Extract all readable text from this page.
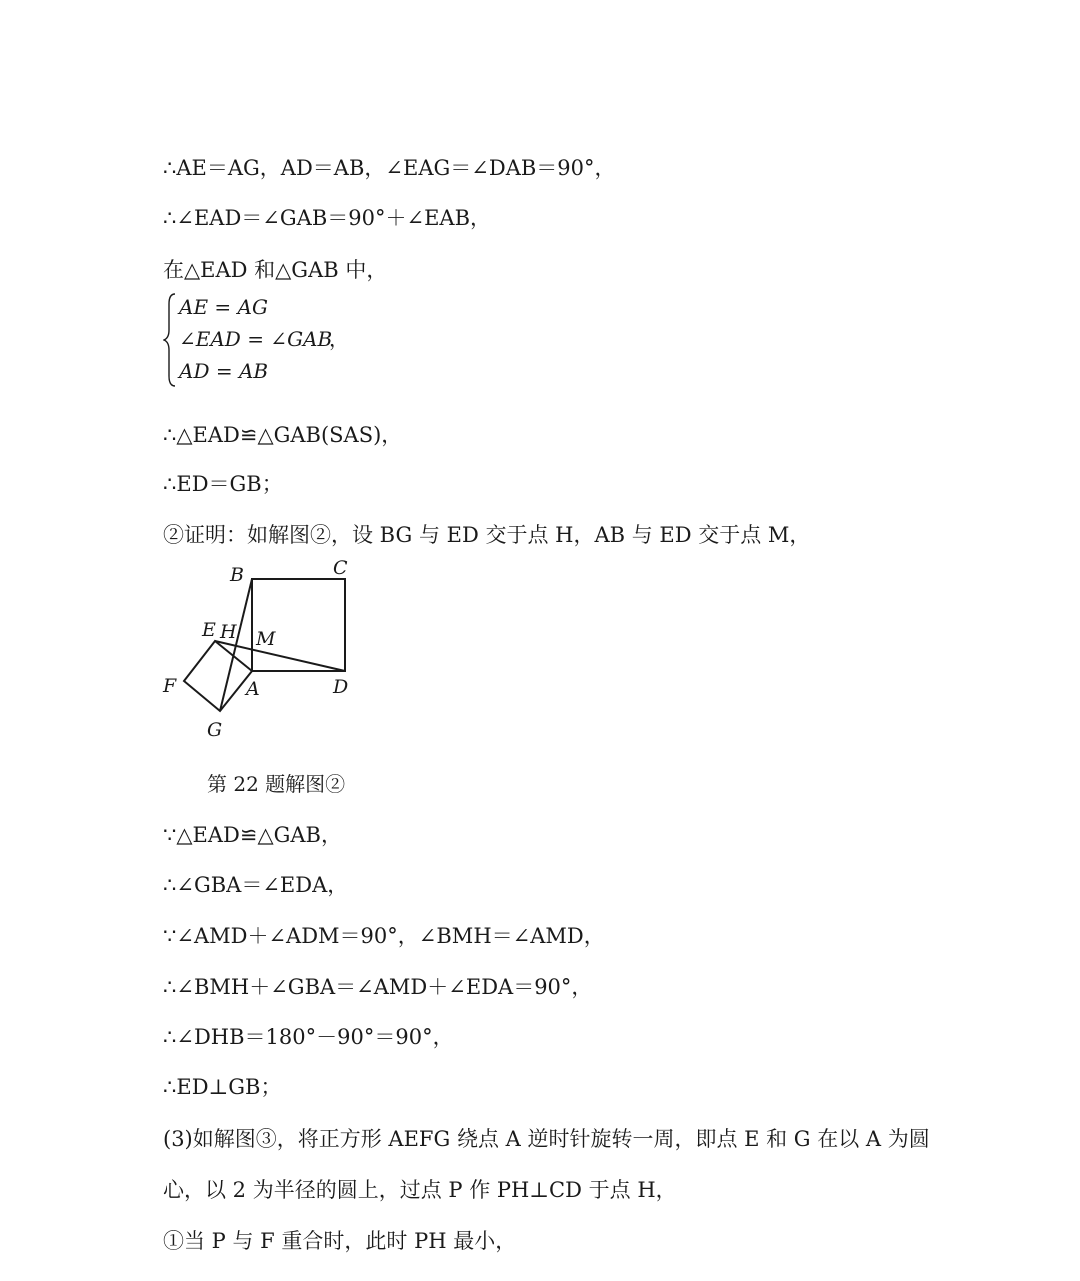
∴AE＝AG，AD＝AB，∠EAG＝∠DAB＝90°，
∴∠EAD＝∠GAB＝90°＋∠EAB，
在△EAD 和△GAB 中，
AE = AG
∠EAD = ∠GAB
，
AD = AB
∴△EAD≌△GAB(SAS)，
∴ED＝GB；
②证明：如解图②，设 BG 与 ED 交于点 H，AB 与 ED 交于点 M，
B	C
E H M
F	A	D
G
第 22 题解图②
∵△EAD≌△GAB，
∴∠GBA＝∠EDA，
∵∠AMD＋∠ADM＝90°，∠BMH＝∠AMD，
∴∠BMH＋∠GBA＝∠AMD＋∠EDA＝90°，
∴∠DHB＝180°－90°＝90°，
∴ED⊥GB；
(3)如解图③，将正方形 AEFG 绕点 A 逆时针旋转一周，即点 E 和 G 在以 A 为圆
心，以 2 为半径的圆上，过点 P 作 PH⊥CD 于点 H，
①当 P 与 F 重合时，此时 PH 最小，
